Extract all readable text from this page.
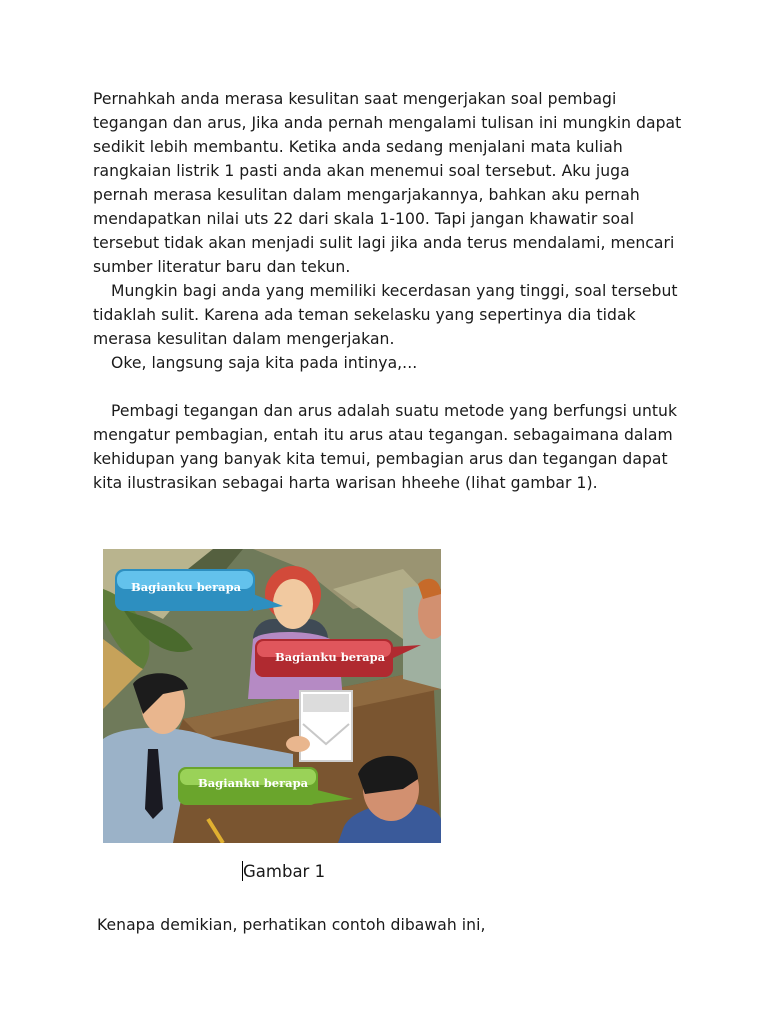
Pernahkah anda merasa kesulitan saat mengerjakan soal pembagi
tegangan dan arus, Jika anda pernah mengalami tulisan ini mungkin dapat
sedikit lebih membantu. Ketika anda sedang menjalani mata kuliah
rangkaian listrik 1 pasti anda akan menemui soal tersebut. Aku juga
pernah merasa kesulitan dalam mengarjakannya, bahkan aku pernah
mendapatkan nilai uts 22 dari skala 1-100. Tapi jangan khawatir soal
tersebut tidak akan menjadi sulit lagi jika anda terus mendalami, mencari
sumber literatur baru dan tekun.

Mungkin bagi anda yang memiliki kecerdasan yang tinggi, soal tersebut
tidaklah sulit. Karena ada teman sekelasku yang sepertinya dia tidak
merasa kesulitan dalam mengerjakan.

Oke, langsung saja kita pada intinya,...

Pembagi tegangan dan arus adalah suatu metode yang berfungsi untuk
mengatur pembagian, entah itu arus atau tegangan. sebagaimana dalam
kehidupan yang banyak kita temui, pembagian arus dan tegangan dapat
kita ilustrasikan sebagai harta warisan hheehe (lihat gambar 1).

Bagianku berapa
Bagianku berapa
Bagianku berapa
Gambar 1

Kenapa demikian, perhatikan contoh dibawah ini,
